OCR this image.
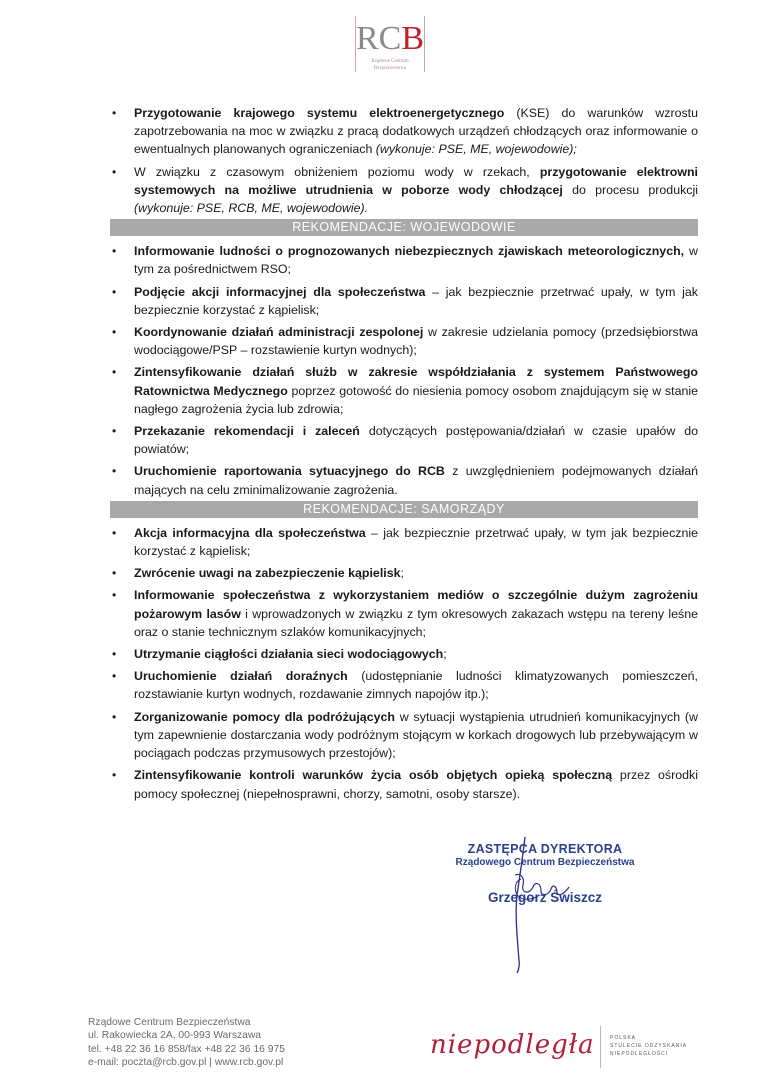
RCB
Rządowe Centrum
Bezpieczeństwa
• Przygotowanie krajowego systemu elektroenergetycznego (KSE) do warunków wzrostu zapotrzebowania na moc w związku z pracą dodatkowych urządzeń chłodzących oraz informowanie o ewentualnych planowanych ograniczeniach (wykonuje: PSE, ME, wojewodowie);
• W związku z czasowym obniżeniem poziomu wody w rzekach, przygotowanie elektrowni systemowych na możliwe utrudnienia w poborze wody chłodzącej do procesu produkcji (wykonuje: PSE, RCB, ME, wojewodowie).
REKOMENDACJE: WOJEWODOWIE
• Informowanie ludności o prognozowanych niebezpiecznych zjawiskach meteorologicznych, w tym za pośrednictwem RSO;
• Podjęcie akcji informacyjnej dla społeczeństwa – jak bezpiecznie przetrwać upały, w tym jak bezpiecznie korzystać z kąpielisk;
• Koordynowanie działań administracji zespolonej w zakresie udzielania pomocy (przedsiębiorstwa wodociągowe/PSP – rozstawienie kurtyn wodnych);
• Zintensyfikowanie działań służb w zakresie współdziałania z systemem Państwowego Ratownictwa Medycznego poprzez gotowość do niesienia pomocy osobom znajdującym się w stanie nagłego zagrożenia życia lub zdrowia;
• Przekazanie rekomendacji i zaleceń dotyczących postępowania/działań w czasie upałów do powiatów;
• Uruchomienie raportowania sytuacyjnego do RCB z uwzględnieniem podejmowanych działań mających na celu zminimalizowanie zagrożenia.
REKOMENDACJE: SAMORZĄDY
• Akcja informacyjna dla społeczeństwa – jak bezpiecznie przetrwać upały, w tym jak bezpiecznie korzystać z kąpielisk;
• Zwrócenie uwagi na zabezpieczenie kąpielisk;
• Informowanie społeczeństwa z wykorzystaniem mediów o szczególnie dużym zagrożeniu pożarowym lasów i wprowadzonych w związku z tym okresowych zakazach wstępu na tereny leśne oraz o stanie technicznym szlaków komunikacyjnych;
• Utrzymanie ciągłości działania sieci wodociągowych;
• Uruchomienie działań doraźnych (udostępnianie ludności klimatyzowanych pomieszczeń, rozstawianie kurtyn wodnych, rozdawanie zimnych napojów itp.);
• Zorganizowanie pomocy dla podróżujących w sytuacji wystąpienia utrudnień komunikacyjnych (w tym zapewnienie dostarczania wody podróżnym stojącym w korkach drogowych lub przebywającym w pociągach podczas przymusowych przestojów);
• Zintensyfikowanie kontroli warunków życia osób objętych opieką społeczną przez ośrodki pomocy społecznej (niepełnosprawni, chorzy, samotni, osoby starsze).
ZASTĘPCA DYREKTORA
Rządowego Centrum Bezpieczeństwa
Grzegorz Świszcz
Rządowe Centrum Bezpieczeństwa
ul. Rakowiecka 2A, 00-993 Warszawa
tel. +48 22 36 16 858/fax +48 22 36 16 975
e-mail: poczta@rcb.gov.pl | www.rcb.gov.pl
niepodległa	POLSKA
STULECIE ODZYSKANIA
NIEPODLEGŁOŚCI
